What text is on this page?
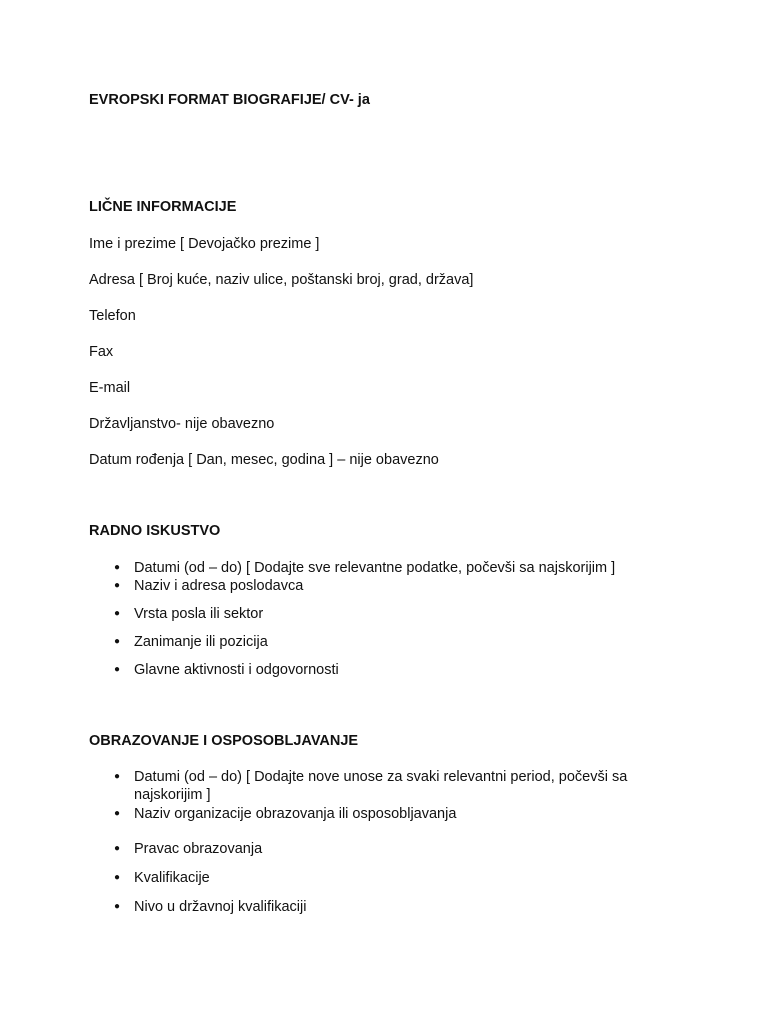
EVROPSKI FORMAT BIOGRAFIJE/ CV- ja
LIČNE INFORMACIJE
Ime i prezime [ Devojačko prezime ]
Adresa [ Broj kuće, naziv ulice, poštanski broj, grad, država]
Telefon
Fax
E-mail
Državljanstvo- nije obavezno
Datum rođenja [ Dan, mesec, godina ] – nije obavezno
RADNO ISKUSTVO
● Datumi (od – do) [ Dodajte sve relevantne podatke, počevši sa najskorijim ]
● Naziv i adresa poslodavca
● Vrsta posla ili sektor
● Zanimanje ili pozicija
● Glavne aktivnosti i odgovornosti
OBRAZOVANJE I OSPOSOBLJAVANJE
● Datumi (od – do) [ Dodajte nove unose za svaki relevantni period, počevši sa najskorijim ]
● Naziv organizacije obrazovanja ili osposobljavanja
● Pravac obrazovanja
● Kvalifikacije
● Nivo u državnoj kvalifikaciji
